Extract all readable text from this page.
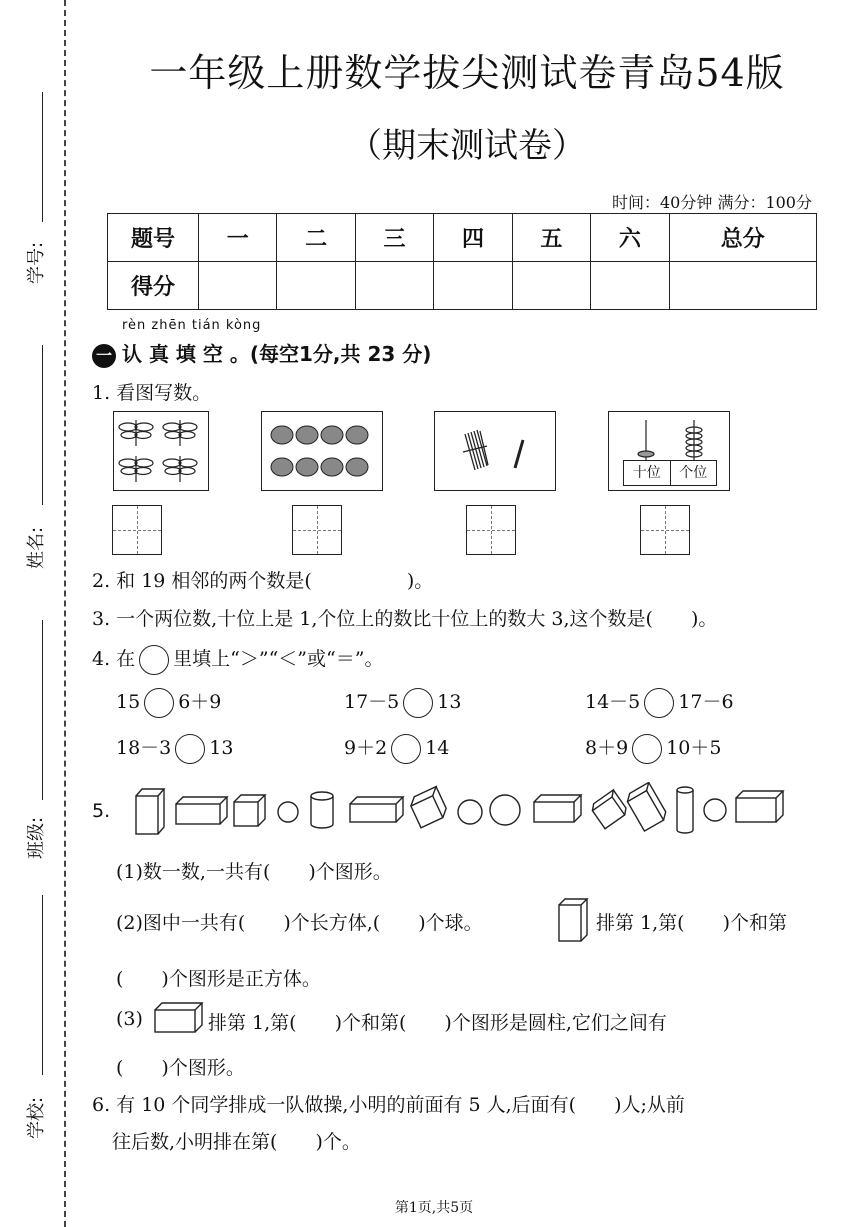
学号:
姓名:
班级:
学校:
一年级上册数学拔尖测试卷青岛54版
（期末测试卷）
时间：40分钟 满分：100分
题号	一	二	三	四	五	六	总分
得分							
rèn zhēn tián kòng
一 认 真 填 空 。(每空1分,共 23 分)
1. 看图写数。
十位	个位
2. 和 19 相邻的两个数是(　　　　　)。
3. 一个两位数,十位上是 1,个位上的数比十位上的数大 3,这个数是(　　)。
4. 在 里填上“＞”“＜”或“＝”。
15 6＋9	17－5 13	14－5 17－6
18－3 13	9＋2 14	8＋9 10＋5
5.
(1)数一数,一共有(　　)个图形。
(2)图中一共有(　　)个长方体,(　　)个球。	排第 1,第(　　)个和第
(　　)个图形是正方体。
(3)	排第 1,第(　　)个和第(　　)个图形是圆柱,它们之间有
(　　)个图形。
6. 有 10 个同学排成一队做操,小明的前面有 5 人,后面有(　　)人;从前
往后数,小明排在第(　　)个。
第1页,共5页
